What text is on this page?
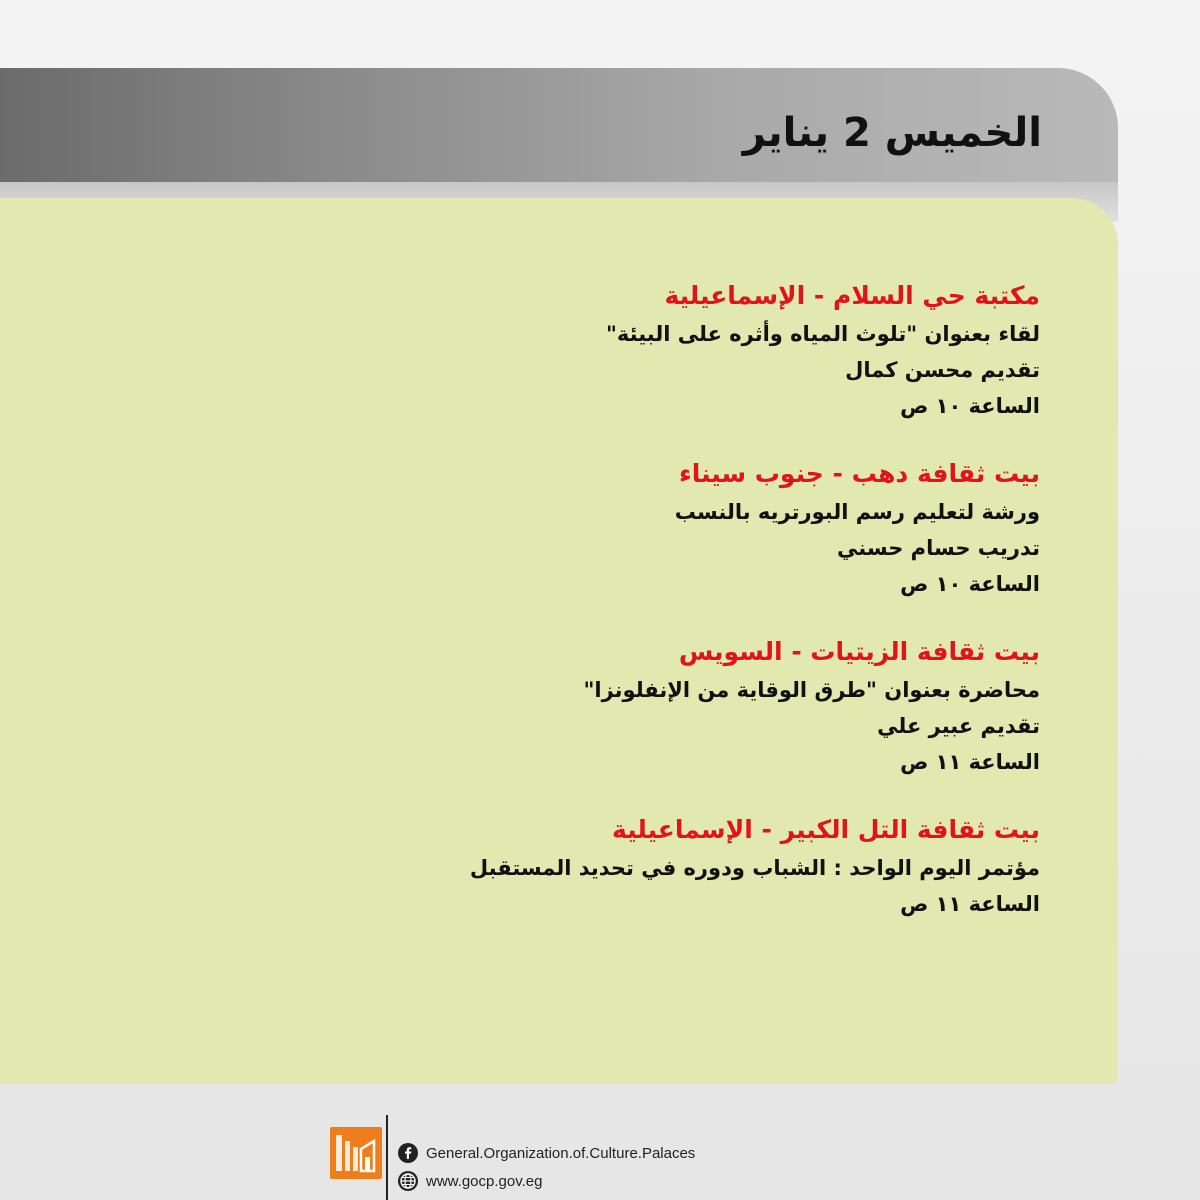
الخميس 2 يناير
مكتبة حي السلام - الإسماعيلية
لقاء بعنوان "تلوث المياه وأثره على البيئة"
تقديم محسن كمال
الساعة ١٠ ص
بيت ثقافة دهب - جنوب سيناء
ورشة لتعليم رسم البورتريه بالنسب
تدريب حسام حسني
الساعة ١٠ ص
بيت ثقافة الزيتيات - السويس
محاضرة بعنوان "طرق الوقاية من الإنفلونزا"
تقديم عبير علي
الساعة ١١ ص
بيت ثقافة التل الكبير - الإسماعيلية
مؤتمر اليوم الواحد : الشباب ودوره في تحديد المستقبل
الساعة ١١ ص
General.Organization.of.Culture.Palaces
www.gocp.gov.eg
